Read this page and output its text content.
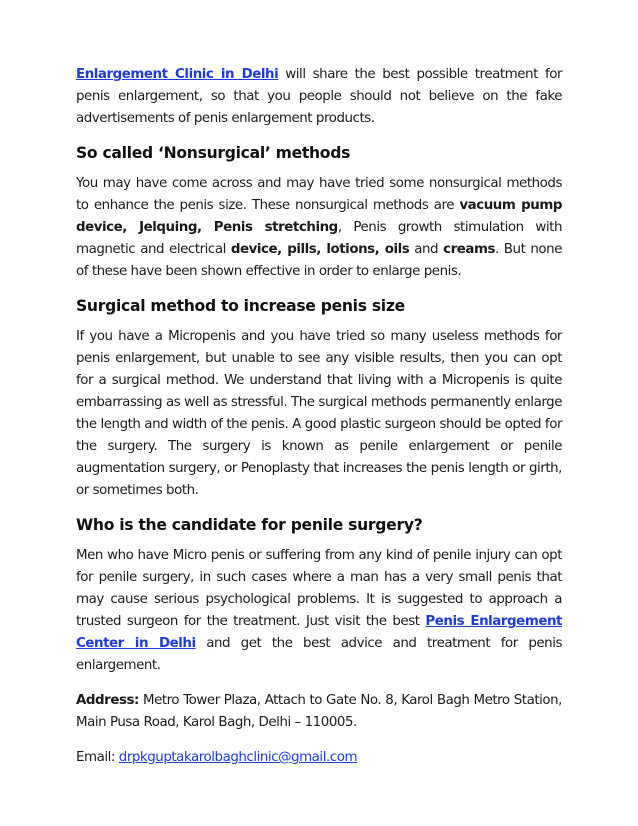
Enlargement Clinic in Delhi will share the best possible treatment for penis enlargement, so that you people should not believe on the fake advertisements of penis enlargement products.

So called ‘Nonsurgical’ methods

You may have come across and may have tried some nonsurgical methods to enhance the penis size. These nonsurgical methods are vacuum pump device, Jelquing, Penis stretching, Penis growth stimulation with magnetic and electrical device, pills, lotions, oils and creams. But none of these have been shown effective in order to enlarge penis.

Surgical method to increase penis size

If you have a Micropenis and you have tried so many useless methods for penis enlargement, but unable to see any visible results, then you can opt for a surgical method. We understand that living with a Micropenis is quite embarrassing as well as stressful. The surgical methods permanently enlarge the length and width of the penis. A good plastic surgeon should be opted for the surgery. The surgery is known as penile enlargement or penile augmentation surgery, or Penoplasty that increases the penis length or girth, or sometimes both.

Who is the candidate for penile surgery?

Men who have Micro penis or suffering from any kind of penile injury can opt for penile surgery, in such cases where a man has a very small penis that may cause serious psychological problems. It is suggested to approach a trusted surgeon for the treatment. Just visit the best Penis Enlargement Center in Delhi and get the best advice and treatment for penis enlargement.

Address: Metro Tower Plaza, Attach to Gate No. 8, Karol Bagh Metro Station, Main Pusa Road, Karol Bagh, Delhi – 110005.

Email: drpkguptakarolbaghclinic@gmail.com
